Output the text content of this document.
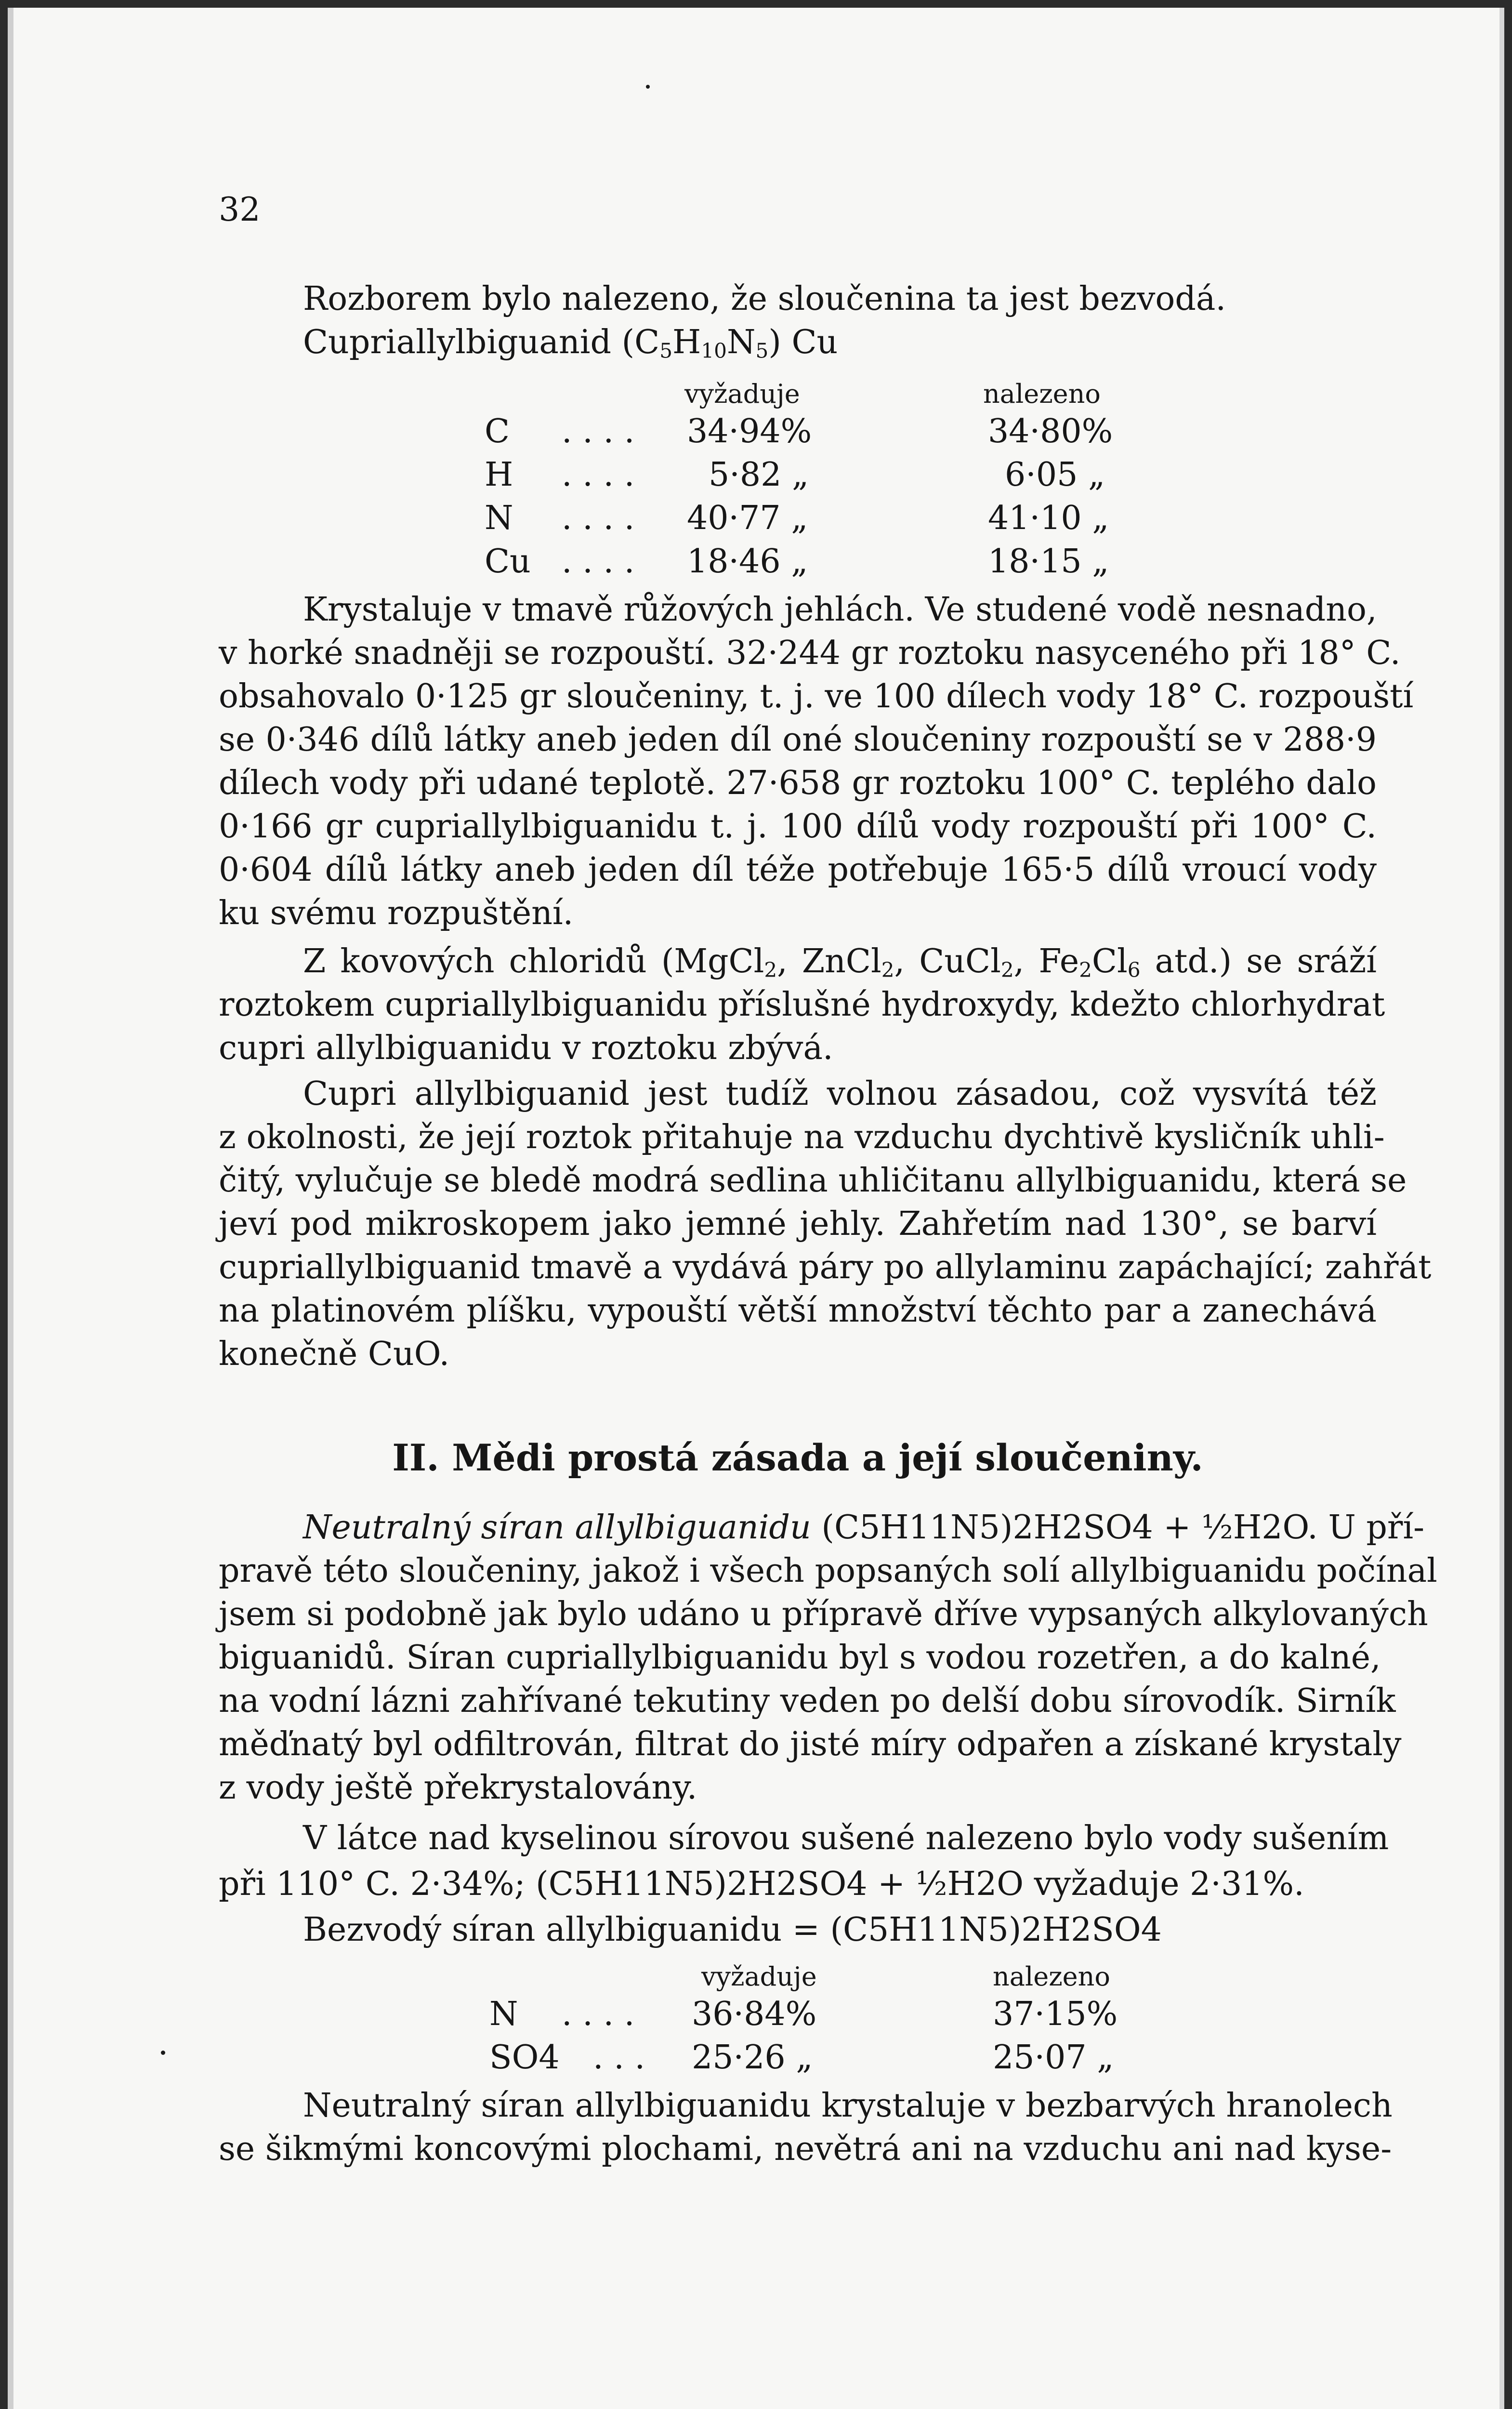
32
Rozborem bylo nalezeno, že sloučenina ta jest bezvodá.
Cupriallylbiguanid $(C_5H_{10}N_5)$ Cu
vyžaduje	nalezeno
C . . . . 34·94%	34·80%
H . . . . 5·82 „	6·05 „
N . . . . 40·77 „	41·10 „
Cu . . . . 18·46 „	18·15 „
Krystaluje v tmavě růžových jehlách. Ve studené vodě nesnadno,
v horké snadněji se rozpouští. 32·244 gr roztoku nasyceného při 18° C.
obsahovalo 0·125 gr sloučeniny, t. j. ve 100 dílech vody 18° C. rozpouští
se 0·346 dílů látky aneb jeden díl oné sloučeniny rozpouští se v 288·9
dílech vody při udané teplotě. 27·658 gr roztoku 100° C. teplého dalo
0·166 gr cupriallylbiguanidu t. j. 100 dílů vody rozpouští při 100° C.
0·604 dílů látky aneb jeden díl téže potřebuje 165·5 dílů vroucí vody
ku svému rozpuštění.
Z kovových chloridů (MgCl$_2$, ZnCl$_2$, CuCl$_2$, $Fe_2Cl_6$ atd.) se sráží
roztokem cupriallylbiguanidu příslušné hydroxydy, kdežto chlorhydrat
cupri allylbiguanidu v roztoku zbývá.
Cupri allylbiguanid jest tudíž volnou zásadou, což vysvítá též
z okolnosti, že její roztok přitahuje na vzduchu dychtivě kysličník uhli-
čitý, vylučuje se bledě modrá sedlina uhličitanu allylbiguanidu, která se
jeví pod mikroskopem jako jemné jehly. Zahřetím nad 130°, se barví
cupriallylbiguanid tmavě a vydává páry po allylaminu zapáchající; zahřát
na platinovém plíšku, vypouští větší množství těchto par a zanechává
konečně CuO.
II. Mědi prostá zásada a její sloučeniny.
Neutralný síran allylbiguanidu (C5H11N5)2H2SO4 + ½H2O. U pří-
pravě této sloučeniny, jakož i všech popsaných solí allylbiguanidu počínal
jsem si podobně jak bylo udáno u přípravě dříve vypsaných alkylovaných
biguanidů. Síran cupriallylbiguanidu byl s vodou rozetřen, a do kalné,
na vodní lázni zahřívané tekutiny veden po delší dobu sírovodík. Sirník
měďnatý byl odfiltrován, filtrat do jisté míry odpařen a získané krystaly
z vody ještě překrystalovány.
V látce nad kyselinou sírovou sušené nalezeno bylo vody sušením
při 110° C. 2·34%; (C5H11N5)2H2SO4 + ½H2O vyžaduje 2·31%.
Bezvodý síran allylbiguanidu = (C5H11N5)2H2SO4
vyžaduje	nalezeno
N . . . . 36·84%	37·15%
SO4 . . . 25·26 „	25·07 „
Neutralný síran allylbiguanidu krystaluje v bezbarvých hranolech
se šikmými koncovými plochami, nevětrá ani na vzduchu ani nad kyse-
